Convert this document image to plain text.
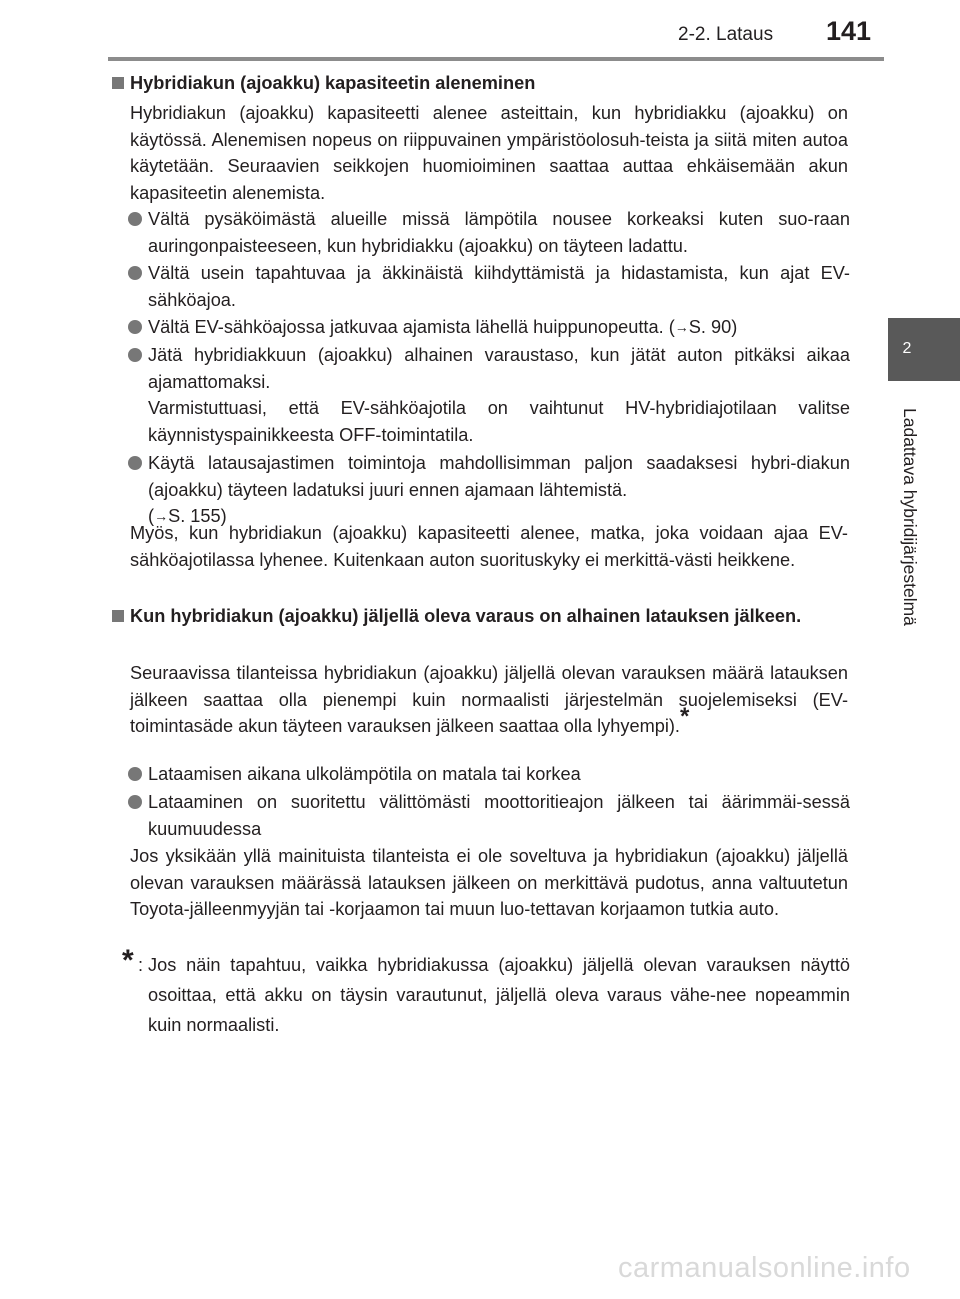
2-2. Lataus 141
2
Ladattava hybridijärjestelmä
Hybridiakun (ajoakku) kapasiteetin aleneminen
Hybridiakun (ajoakku) kapasiteetti alenee asteittain, kun hybridiakku (ajoakku) on käytössä. Alenemisen nopeus on riippuvainen ympäristöolosuh-teista ja siitä miten autoa käytetään. Seuraavien seikkojen huomioiminen saattaa auttaa ehkäisemään akun kapasiteetin alenemista.
Vältä pysäköimästä alueille missä lämpötila nousee korkeaksi kuten suo-raan auringonpaisteeseen, kun hybridiakku (ajoakku) on täyteen ladattu.
Vältä usein tapahtuvaa ja äkkinäistä kiihdyttämistä ja hidastamista, kun ajat EV-sähköajoa.
Vältä EV-sähköajossa jatkuvaa ajamista lähellä huippunopeutta. (→S. 90)
Jätä hybridiakkuun (ajoakku) alhainen varaustaso, kun jätät auton pitkäksi aikaa ajamattomaksi.
Varmistuttuasi, että EV-sähköajotila on vaihtunut HV-hybridiajotilaan valitse käynnistyspainikkeesta OFF-toimintatila.
Käytä latausajastimen toimintoja mahdollisimman paljon saadaksesi hybri-diakun (ajoakku) täyteen ladatuksi juuri ennen ajamaan lähtemistä.
(→S. 155)
Myös, kun hybridiakun (ajoakku) kapasiteetti alenee, matka, joka voidaan ajaa EV-sähköajotilassa lyhenee. Kuitenkaan auton suorituskyky ei merkittä-västi heikkene.
Kun hybridiakun (ajoakku) jäljellä oleva varaus on alhainen latauksen jälkeen.
Seuraavissa tilanteissa hybridiakun (ajoakku) jäljellä olevan varauksen määrä latauksen jälkeen saattaa olla pienempi kuin normaalisti järjestelmän suojelemiseksi (EV-toimintasäde akun täyteen varauksen jälkeen saattaa olla lyhyempi).*
Lataamisen aikana ulkolämpötila on matala tai korkea
Lataaminen on suoritettu välittömästi moottoritieajon jälkeen tai äärimmäi-sessä kuumuudessa
Jos yksikään yllä mainituista tilanteista ei ole soveltuva ja hybridiakun (ajoakku) jäljellä olevan varauksen määrässä latauksen jälkeen on merkittävä pudotus, anna valtuutetun Toyota-jälleenmyyjän tai -korjaamon tai muun luo-tettavan korjaamon tutkia auto.
* : Jos näin tapahtuu, vaikka hybridiakussa (ajoakku) jäljellä olevan varauksen näyttö osoittaa, että akku on täysin varautunut, jäljellä oleva varaus vähe-nee nopeammin kuin normaalisti.
carmanualsonline.info
